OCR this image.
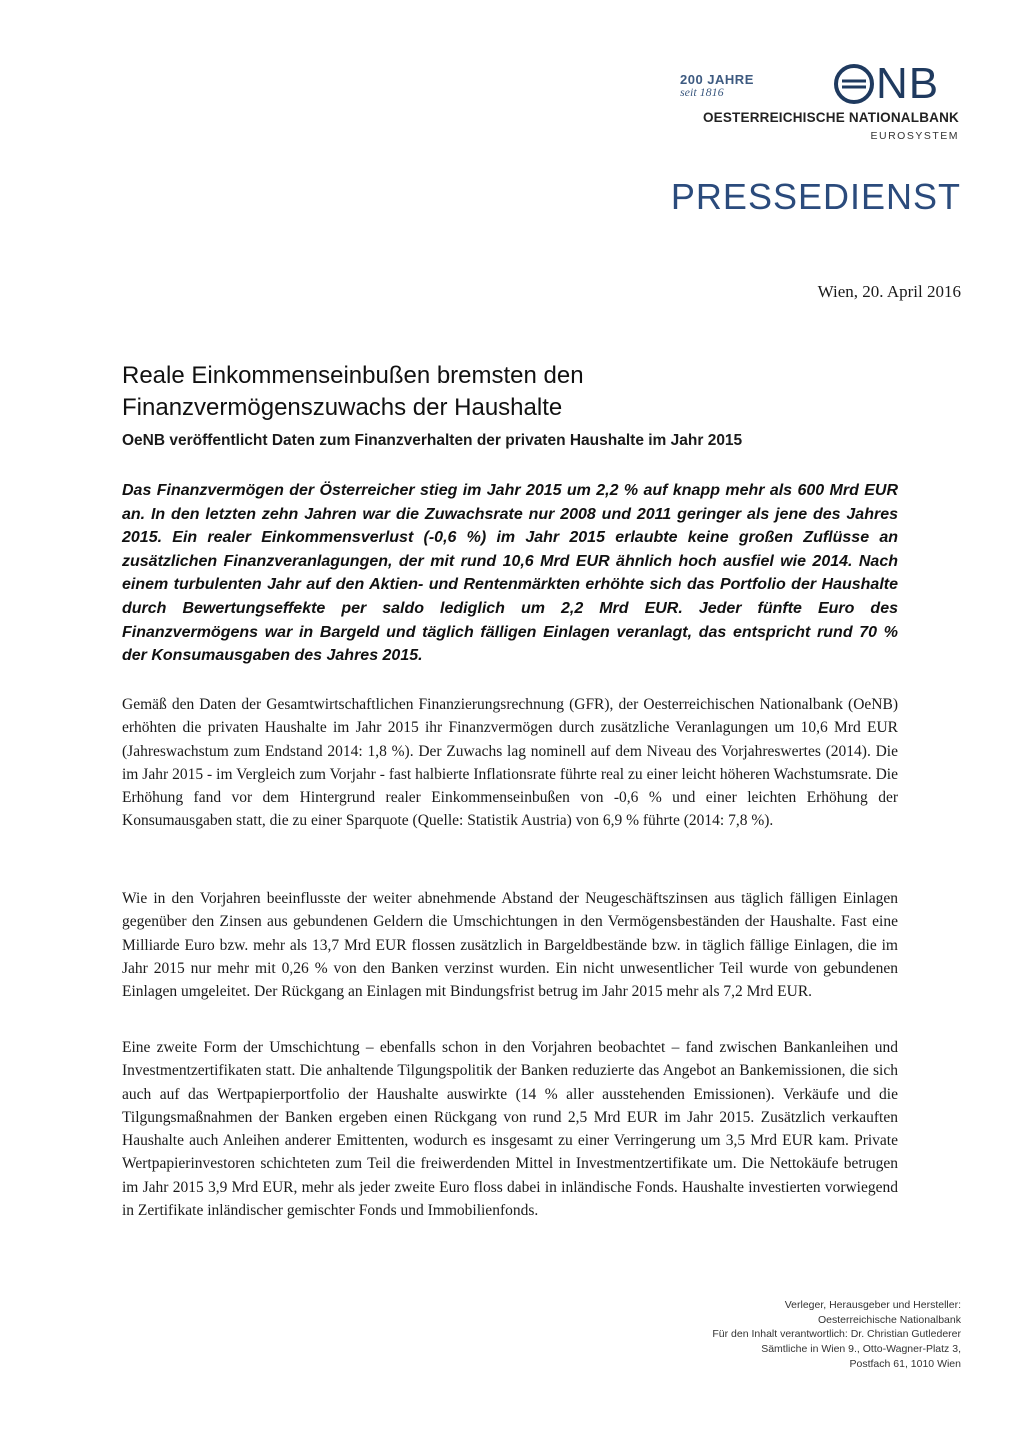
200 JAHRE
seit 1816	NB
OESTERREICHISCHE NATIONALBANK
EUROSYSTEM
PRESSEDIENST
Wien, 20. April 2016
Reale Einkommenseinbußen bremsten den
Finanzvermögenszuwachs der Haushalte
OeNB veröffentlicht Daten zum Finanzverhalten der privaten Haushalte im Jahr 2015

Das Finanzvermögen der Österreicher stieg im Jahr 2015 um 2,2 % auf knapp mehr als 600 Mrd EUR an. In den letzten zehn Jahren war die Zuwachsrate nur 2008 und 2011 geringer als jene des Jahres 2015. Ein realer Einkommensverlust (-0,6 %) im Jahr 2015 erlaubte keine großen Zuflüsse an zusätzlichen Finanzveranlagungen, der mit rund 10,6 Mrd EUR ähnlich hoch ausfiel wie 2014. Nach einem turbulenten Jahr auf den Aktien- und Rentenmärkten erhöhte sich das Portfolio der Haushalte durch Bewertungseffekte per saldo lediglich um 2,2 Mrd EUR. Jeder fünfte Euro des Finanzvermögens war in Bargeld und täglich fälligen Einlagen veranlagt, das entspricht rund 70 % der Konsumausgaben des Jahres 2015.

Gemäß den Daten der Gesamtwirtschaftlichen Finanzierungsrechnung (GFR), der Oesterreichischen Nationalbank (OeNB) erhöhten die privaten Haushalte im Jahr 2015 ihr Finanzvermögen durch zusätzliche Veranlagungen um 10,6 Mrd EUR (Jahreswachstum zum Endstand 2014: 1,8 %). Der Zuwachs lag nominell auf dem Niveau des Vorjahreswertes (2014). Die im Jahr 2015 - im Vergleich zum Vorjahr - fast halbierte Inflationsrate führte real zu einer leicht höheren Wachstumsrate. Die Erhöhung fand vor dem Hintergrund realer Einkommenseinbußen von -0,6 % und einer leichten Erhöhung der Konsumausgaben statt, die zu einer Sparquote (Quelle: Statistik Austria) von 6,9 % führte (2014: 7,8 %).

Wie in den Vorjahren beeinflusste der weiter abnehmende Abstand der Neugeschäftszinsen aus täglich fälligen Einlagen gegenüber den Zinsen aus gebundenen Geldern die Umschichtungen in den Vermögensbeständen der Haushalte. Fast eine Milliarde Euro bzw. mehr als 13,7 Mrd EUR flossen zusätzlich in Bargeldbestände bzw. in täglich fällige Einlagen, die im Jahr 2015 nur mehr mit 0,26 % von den Banken verzinst wurden. Ein nicht unwesentlicher Teil wurde von gebundenen Einlagen umgeleitet. Der Rückgang an Einlagen mit Bindungsfrist betrug im Jahr 2015 mehr als 7,2 Mrd EUR.

Eine zweite Form der Umschichtung – ebenfalls schon in den Vorjahren beobachtet – fand zwischen Bankanleihen und Investmentzertifikaten statt. Die anhaltende Tilgungspolitik der Banken reduzierte das Angebot an Bankemissionen, die sich auch auf das Wertpapierportfolio der Haushalte auswirkte (14 % aller ausstehenden Emissionen). Verkäufe und die Tilgungsmaßnahmen der Banken ergeben einen Rückgang von rund 2,5 Mrd EUR im Jahr 2015. Zusätzlich verkauften Haushalte auch Anleihen anderer Emittenten, wodurch es insgesamt zu einer Verringerung um 3,5 Mrd EUR kam. Private Wertpapierinvestoren schichteten zum Teil die freiwerdenden Mittel in Investmentzertifikate um. Die Nettokäufe betrugen im Jahr 2015 3,9 Mrd EUR, mehr als jeder zweite Euro floss dabei in inländische Fonds. Haushalte investierten vorwiegend in Zertifikate inländischer gemischter Fonds und Immobilienfonds.

Verleger, Herausgeber und Hersteller:
Oesterreichische Nationalbank
Für den Inhalt verantwortlich: Dr. Christian Gutlederer
Sämtliche in Wien 9., Otto-Wagner-Platz 3,
Postfach 61, 1010 Wien
